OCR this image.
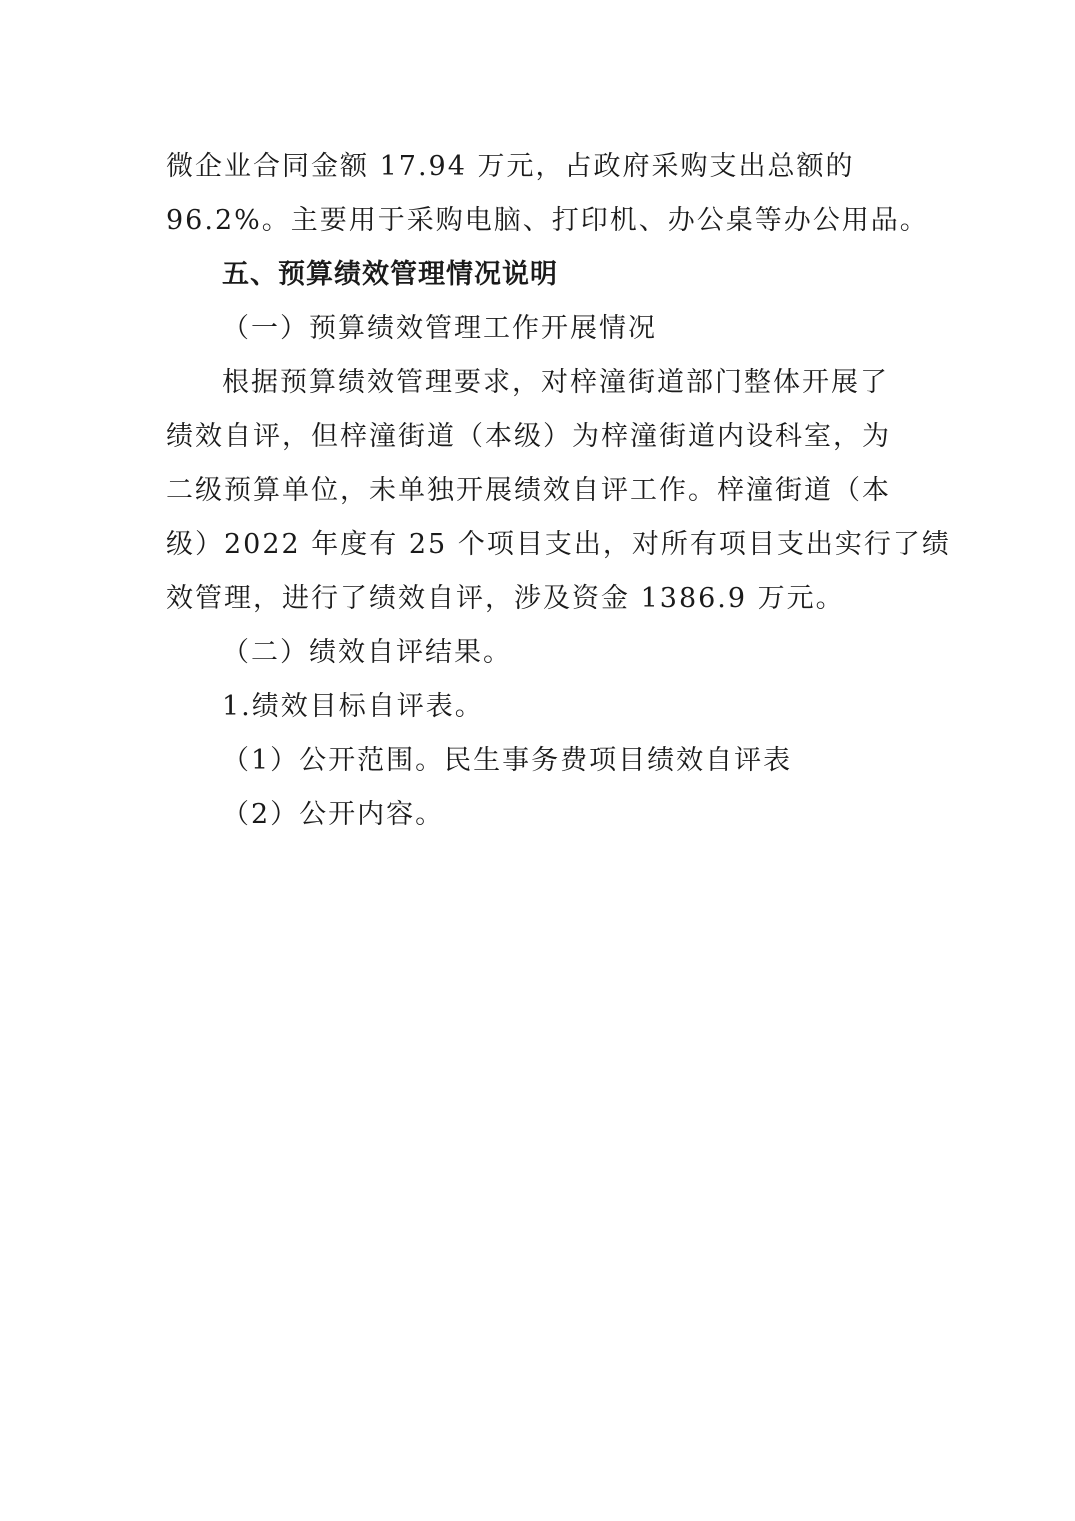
微企业合同金额 17.94 万元，占政府采购支出总额的
96.2%。主要用于采购电脑、打印机、办公桌等办公用品。
五、预算绩效管理情况说明
（一）预算绩效管理工作开展情况
根据预算绩效管理要求，对梓潼街道部门整体开展了
绩效自评，但梓潼街道（本级）为梓潼街道内设科室，为
二级预算单位，未单独开展绩效自评工作。梓潼街道（本
级）2022 年度有 25 个项目支出，对所有项目支出实行了绩
效管理，进行了绩效自评，涉及资金 1386.9 万元。
（二）绩效自评结果。
1.绩效目标自评表。
（1）公开范围。民生事务费项目绩效自评表
（2）公开内容。
